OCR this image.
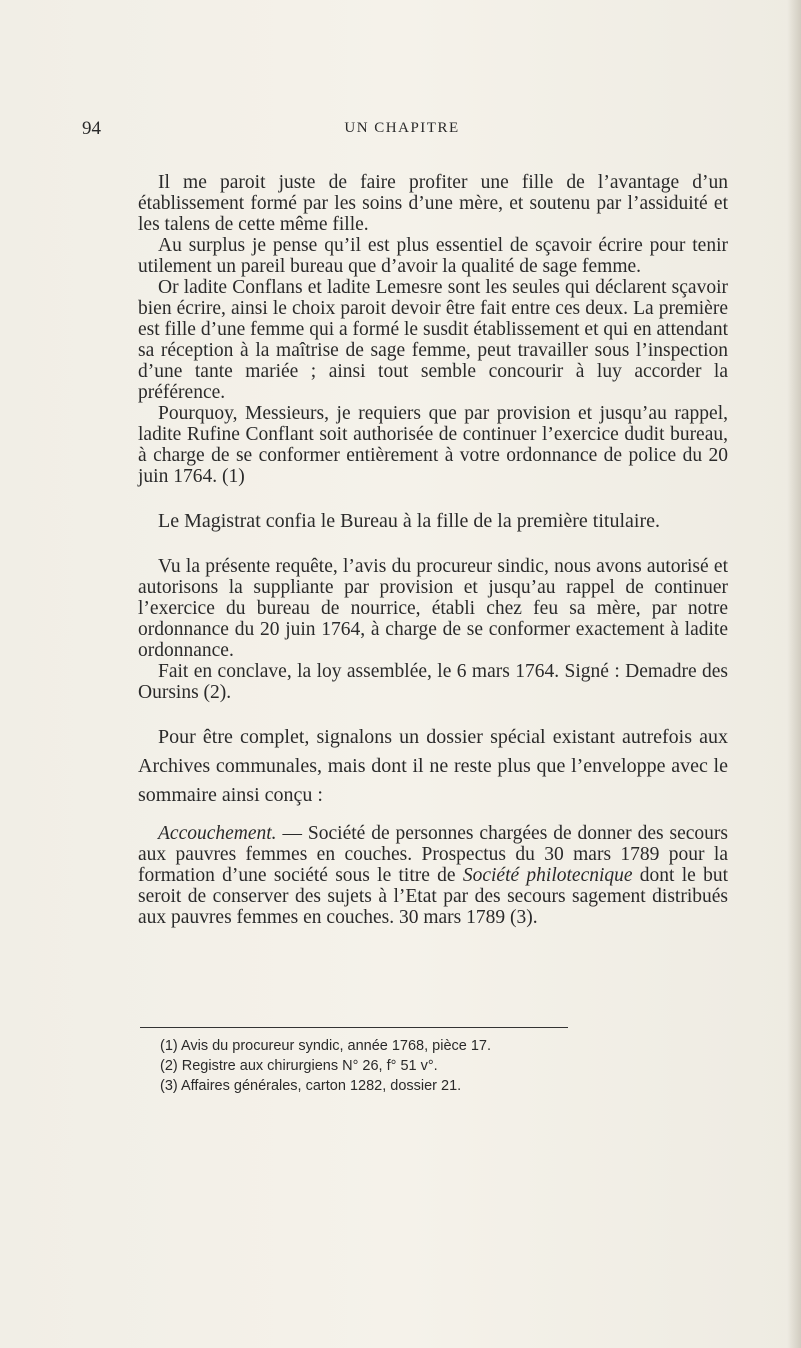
94	UN CHAPITRE

Il me paroit juste de faire profiter une fille de l’avantage d’un établissement formé par les soins d’une mère, et soutenu par l’assiduité et les talens de cette même fille.

Au surplus je pense qu’il est plus essentiel de sçavoir écrire pour tenir utilement un pareil bureau que d’avoir la qualité de sage femme.

Or ladite Conflans et ladite Lemesre sont les seules qui déclarent sçavoir bien écrire, ainsi le choix paroit devoir être fait entre ces deux. La première est fille d’une femme qui a formé le susdit établissement et qui en attendant sa réception à la maîtrise de sage femme, peut travailler sous l’inspection d’une tante mariée ; ainsi tout semble concourir à luy accorder la préférence.

Pourquoy, Messieurs, je requiers que par provision et jusqu’au rappel, ladite Rufine Conflant soit authorisée de continuer l’exercice dudit bureau, à charge de se conformer entièrement à votre ordonnance de police du 20 juin 1764. (1)

Le Magistrat confia le Bureau à la fille de la première titulaire.

Vu la présente requête, l’avis du procureur sindic, nous avons autorisé et autorisons la suppliante par provision et jusqu’au rappel de continuer l’exercice du bureau de nourrice, établi chez feu sa mère, par notre ordonnance du 20 juin 1764, à charge de se conformer exactement à ladite ordonnance.

Fait en conclave, la loy assemblée, le 6 mars 1764. Signé : Demadre des Oursins (2).

Pour être complet, signalons un dossier spécial existant autrefois aux Archives communales, mais dont il ne reste plus que l’enveloppe avec le sommaire ainsi conçu :

Accouchement. — Société de personnes chargées de donner des secours aux pauvres femmes en couches. Prospectus du 30 mars 1789 pour la formation d’une société sous le titre de Société philotecnique dont le but seroit de conserver des sujets à l’Etat par des secours sagement distribués aux pauvres femmes en couches. 30 mars 1789 (3).

(1) Avis du procureur syndic, année 1768, pièce 17.
(2) Registre aux chirurgiens N° 26, f° 51 v°.
(3) Affaires générales, carton 1282, dossier 21.
